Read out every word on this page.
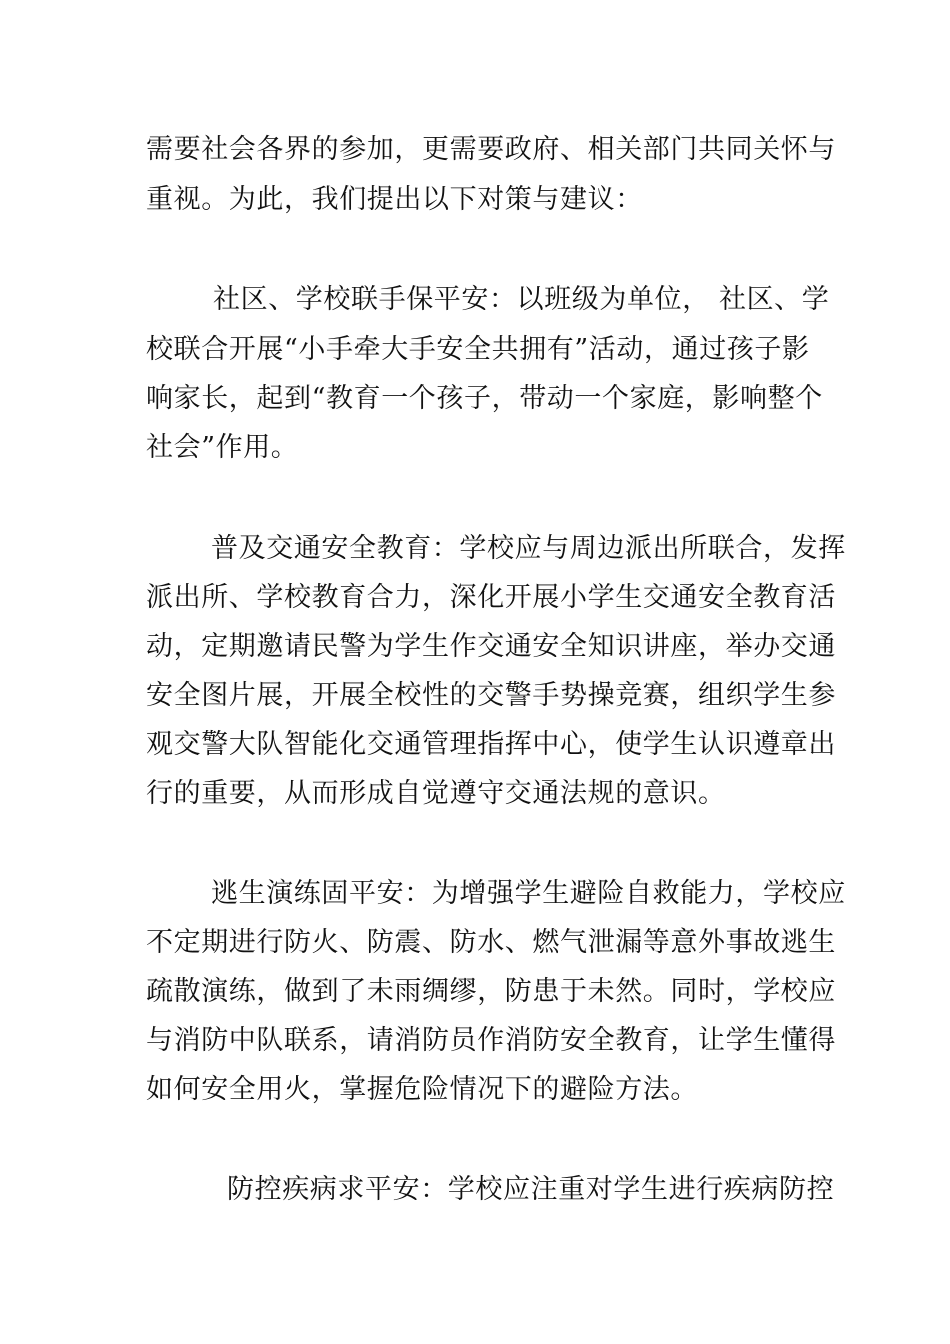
需要社会各界的参加，更需要政府、相关部门共同关怀与
重视。为此，我们提出以下对策与建议：
社区、学校联手保平安：以班级为单位， 社区、学
校联合开展“小手牵大手安全共拥有”活动，通过孩子影
响家长，起到“教育一个孩子，带动一个家庭，影响整个
社会”作用。
普及交通安全教育：学校应与周边派出所联合，发挥
派出所、学校教育合力，深化开展小学生交通安全教育活
动，定期邀请民警为学生作交通安全知识讲座，举办交通
安全图片展，开展全校性的交警手势操竞赛，组织学生参
观交警大队智能化交通管理指挥中心，使学生认识遵章出
行的重要，从而形成自觉遵守交通法规的意识。
逃生演练固平安：为增强学生避险自救能力，学校应
不定期进行防火、防震、防水、燃气泄漏等意外事故逃生
疏散演练，做到了未雨绸缪，防患于未然。同时，学校应
与消防中队联系，请消防员作消防安全教育，让学生懂得
如何安全用火，掌握危险情况下的避险方法。
防控疾病求平安：学校应注重对学生进行疾病防控
